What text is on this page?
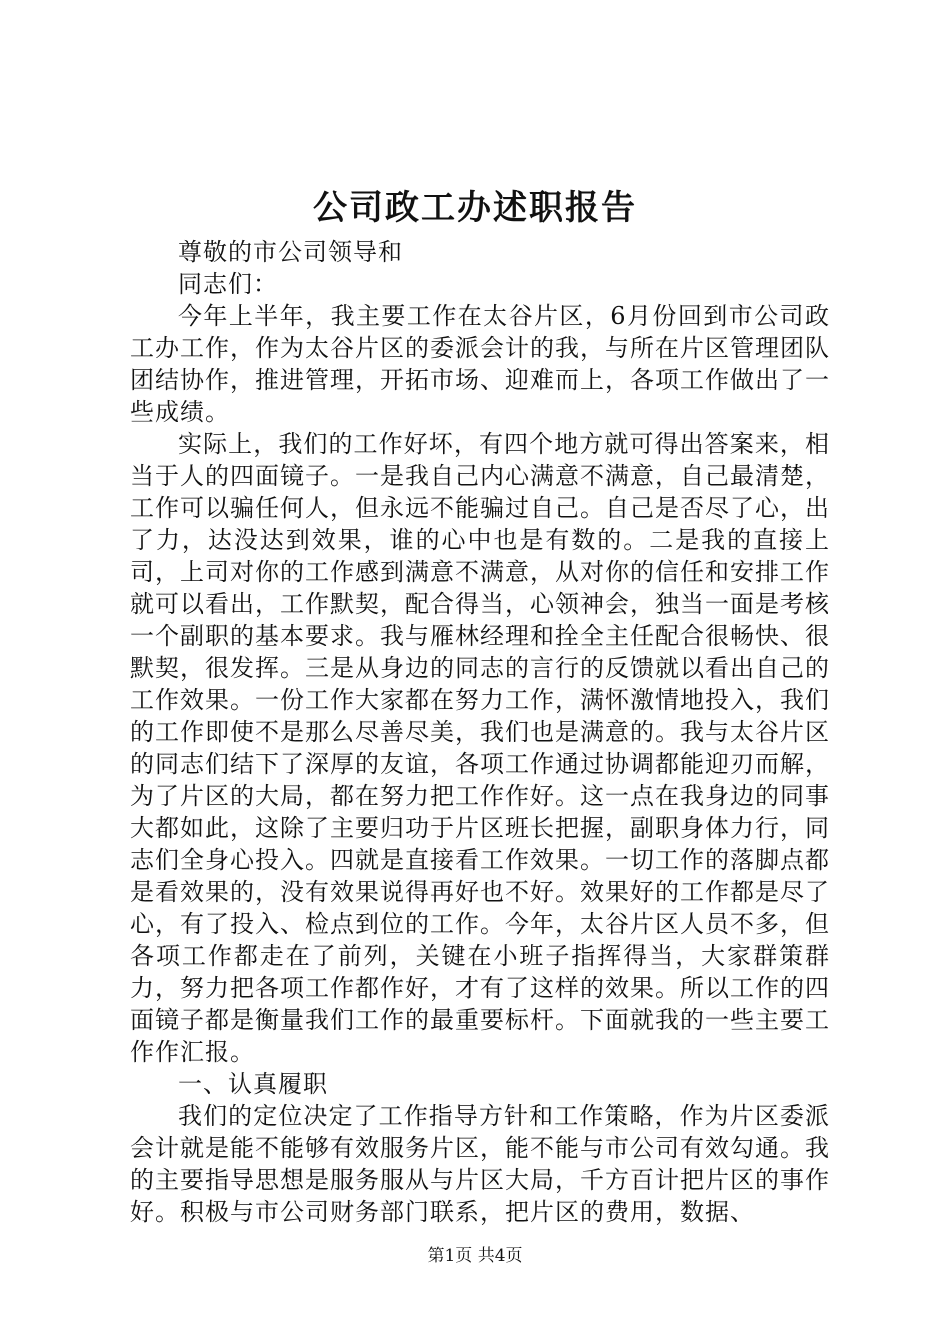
公司政工办述职报告

尊敬的市公司领导和

同志们：

今年上半年，我主要工作在太谷片区，6月份回到市公司政工办工作，作为太谷片区的委派会计的我，与所在片区管理团队团结协作，推进管理，开拓市场、迎难而上，各项工作做出了一些成绩。

实际上，我们的工作好坏，有四个地方就可得出答案来，相当于人的四面镜子。一是我自己内心满意不满意，自己最清楚，工作可以骗任何人，但永远不能骗过自己。自己是否尽了心，出了力，达没达到效果，谁的心中也是有数的。二是我的直接上司，上司对你的工作感到满意不满意，从对你的信任和安排工作就可以看出，工作默契，配合得当，心领神会，独当一面是考核一个副职的基本要求。我与雁林经理和拴全主任配合很畅快、很默契，很发挥。三是从身边的同志的言行的反馈就以看出自己的工作效果。一份工作大家都在努力工作，满怀激情地投入，我们的工作即使不是那么尽善尽美，我们也是满意的。我与太谷片区的同志们结下了深厚的友谊，各项工作通过协调都能迎刃而解，为了片区的大局，都在努力把工作作好。这一点在我身边的同事大都如此，这除了主要归功于片区班长把握，副职身体力行，同志们全身心投入。四就是直接看工作效果。一切工作的落脚点都是看效果的，没有效果说得再好也不好。效果好的工作都是尽了心，有了投入、检点到位的工作。今年，太谷片区人员不多，但各项工作都走在了前列，关键在小班子指挥得当，大家群策群力，努力把各项工作都作好，才有了这样的效果。所以工作的四面镜子都是衡量我们工作的最重要标杆。下面就我的一些主要工作作汇报。

一、认真履职

我们的定位决定了工作指导方针和工作策略，作为片区委派会计就是能不能够有效服务片区，能不能与市公司有效勾通。我的主要指导思想是服务服从与片区大局，千方百计把片区的事作好。积极与市公司财务部门联系，把片区的费用，数据、

第1页 共4页
